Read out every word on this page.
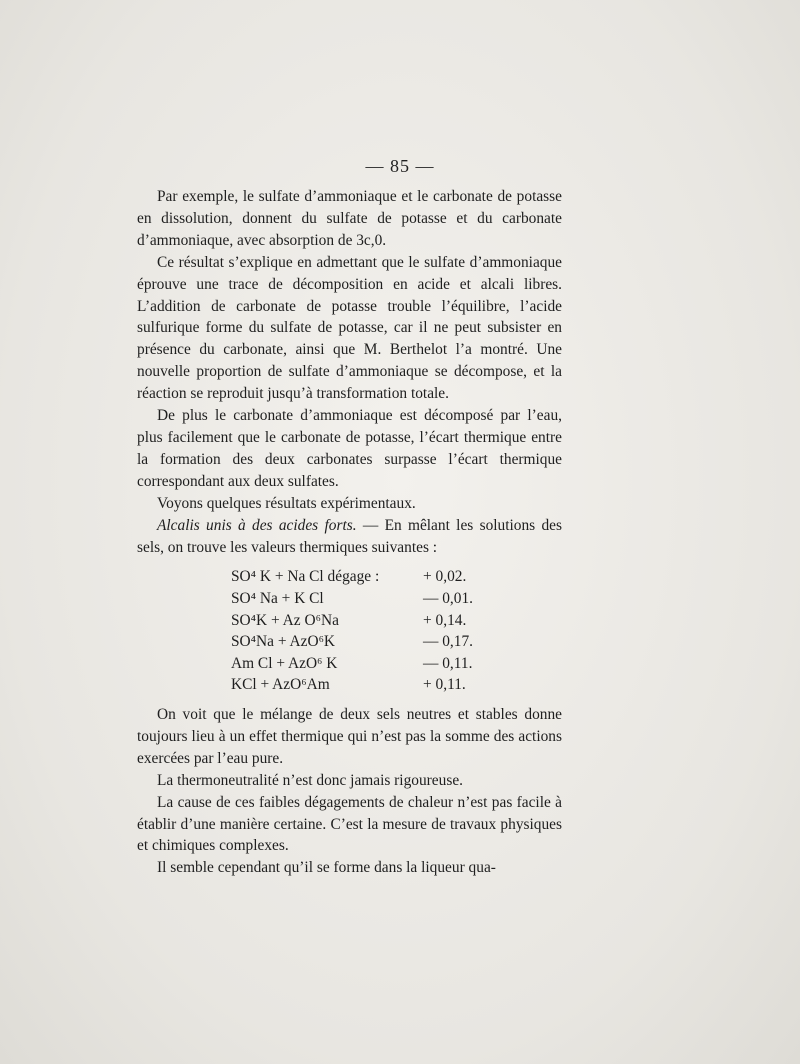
— 85 —

Par exemple, le sulfate d’ammoniaque et le carbonate de potasse en dissolution, donnent du sulfate de potasse et du carbonate d’ammoniaque, avec absorption de 3c,0.

Ce résultat s’explique en admettant que le sulfate d’ammoniaque éprouve une trace de décomposition en acide et alcali libres. L’addition de carbonate de potasse trouble l’équilibre, l’acide sulfurique forme du sulfate de potasse, car il ne peut subsister en présence du carbonate, ainsi que M. Berthelot l’a montré. Une nouvelle proportion de sulfate d’ammoniaque se décompose, et la réaction se reproduit jusqu’à transformation totale.

De plus le carbonate d’ammoniaque est décomposé par l’eau, plus facilement que le carbonate de potasse, l’écart thermique entre la formation des deux carbonates surpasse l’écart thermique correspondant aux deux sulfates.

Voyons quelques résultats expérimentaux.

Alcalis unis à des acides forts. — En mêlant les solutions des sels, on trouve les valeurs thermiques suivantes :

SO⁴ K + Na Cl dégage :	+ 0,02.
SO⁴ Na + K Cl	— 0,01.
SO⁴K + Az O⁶Na	+ 0,14.
SO⁴Na + AzO⁶K	— 0,17.
Am Cl + AzO⁶ K	— 0,11.
KCl + AzO⁶Am	+ 0,11.

On voit que le mélange de deux sels neutres et stables donne toujours lieu à un effet thermique qui n’est pas la somme des actions exercées par l’eau pure.

La thermoneutralité n’est donc jamais rigoureuse.

La cause de ces faibles dégagements de chaleur n’est pas facile à établir d’une manière certaine. C’est la mesure de travaux physiques et chimiques complexes.

Il semble cependant qu’il se forme dans la liqueur qua-
